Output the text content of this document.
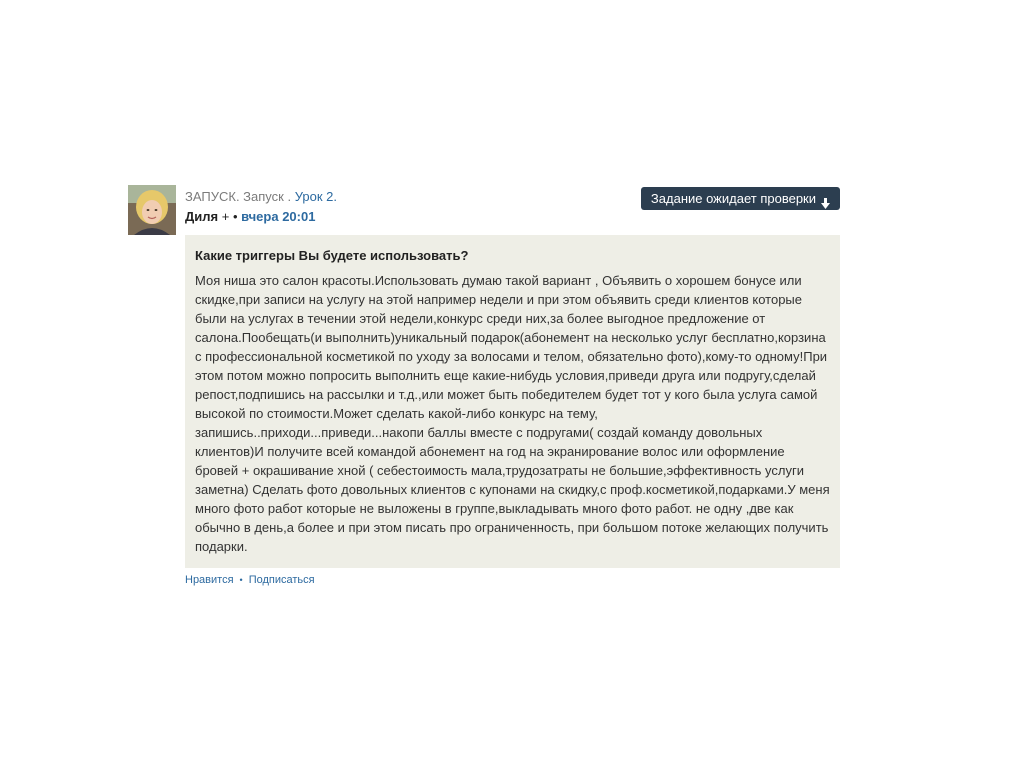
ЗАПУСК. Запуск . Урок 2.
Диля + • вчера 20:01
Задание ожидает проверки
Какие триггеры Вы будете использовать?
Моя ниша это салон красоты.Использовать думаю такой вариант , Объявить о хорошем бонусе или скидке,при записи на услугу на этой например недели и при этом объявить среди клиентов которые были на услугах в течении этой недели,конкурс среди них,за более выгодное предложение от салона.Пообещать(и выполнить)уникальный подарок(абонемент на несколько услуг бесплатно,корзина с профессиональной косметикой по уходу за волосами и телом, обязательно фото),кому-то одному!При этом потом можно попросить выполнить еще какие-нибудь условия,приведи друга или подругу,сделай репост,подпишись на рассылки и т.д.,или может быть победителем будет тот у кого была услуга самой высокой по стоимости.Может сделать какой-либо конкурс на тему, запишись..приходи...приведи...накопи баллы вместе с подругами( создай команду довольных клиентов)И получите всей командой абонемент на год на экранирование волос или оформление бровей + окрашивание хной ( себестоимость мала,трудозатраты не большие,эффективность услуги заметна) Сделать фото довольных клиентов с купонами на скидку,с проф.косметикой,подарками.У меня много фото работ которые не выложены в группе,выкладывать много фото работ. не одну ,две как обычно в день,а более и при этом писать про ограниченность, при большом потоке желающих получить подарки.
Нравится • Подписаться
